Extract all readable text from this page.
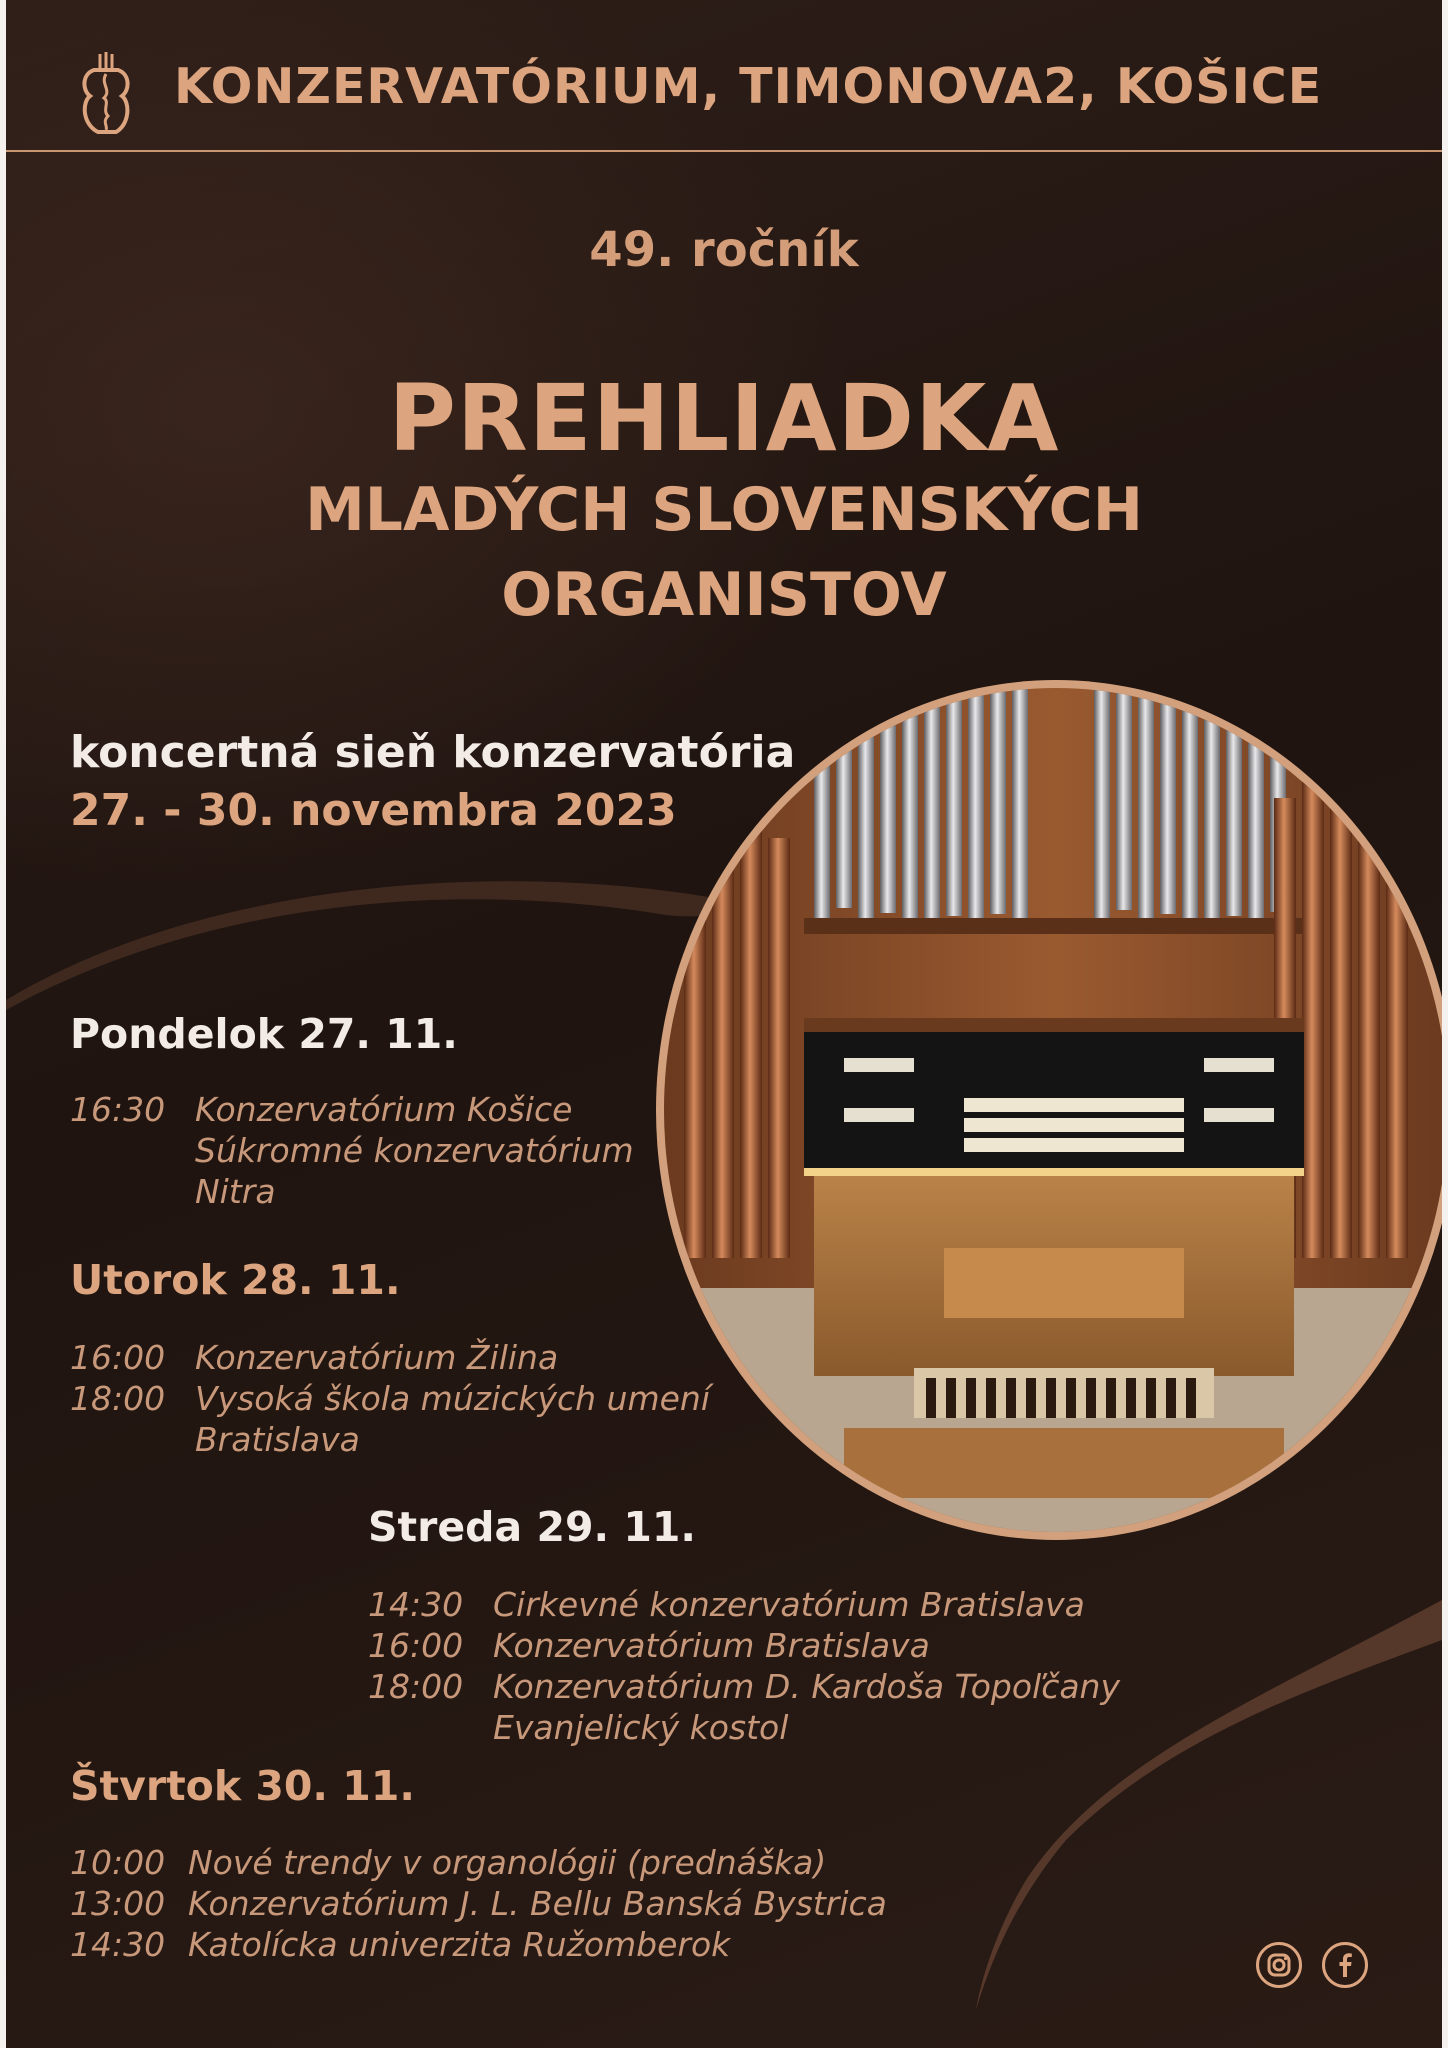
KONZERVATÓRIUM, TIMONOVA2, KOŠICE
49. ročník
PREHLIADKA
MLADÝCH SLOVENSKÝCH
ORGANISTOV
koncertná sieň konzervatória
27. - 30. novembra 2023
Pondelok 27. 11.
16:30 Konzervatórium Košice
Súkromné konzervatórium
Nitra
Utorok 28. 11.
16:00 Konzervatórium Žilina
18:00 Vysoká škola múzických umení
Bratislava
Streda 29. 11.
14:30 Cirkevné konzervatórium Bratislava
16:00 Konzervatórium Bratislava
18:00 Konzervatórium D. Kardoša Topoľčany
Evanjelický kostol
Štvrtok 30. 11.
10:00 Nové trendy v organológii (prednáška)
13:00 Konzervatórium J. L. Bellu Banská Bystrica
14:30 Katolícka univerzita Ružomberok
